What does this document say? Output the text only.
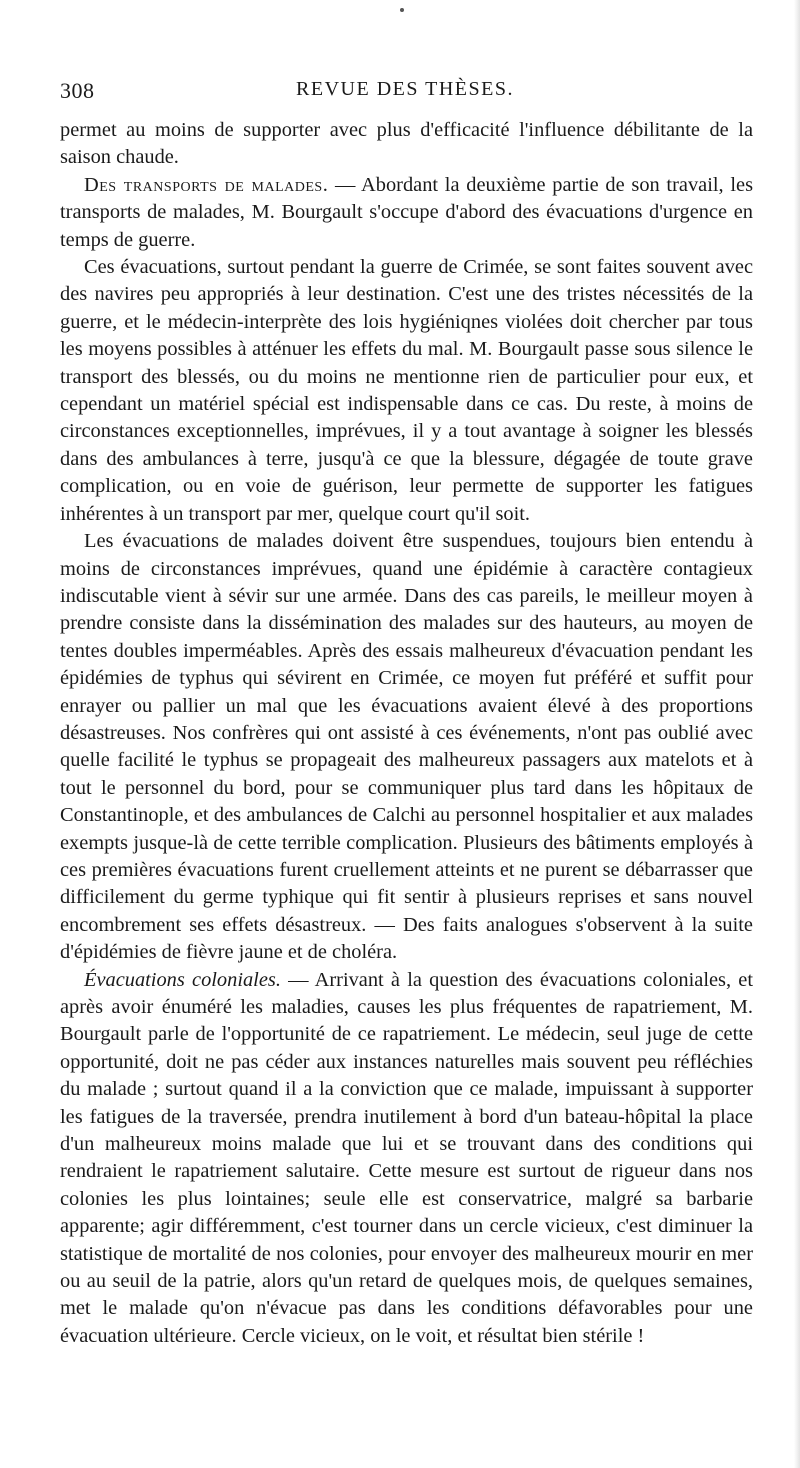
308	REVUE DES THÈSES.

permet au moins de supporter avec plus d'efficacité l'influence débilitante de la saison chaude.

Des transports de malades. — Abordant la deuxième partie de son travail, les transports de malades, M. Bourgault s'occupe d'abord des évacuations d'urgence en temps de guerre.

Ces évacuations, surtout pendant la guerre de Crimée, se sont faites souvent avec des navires peu appropriés à leur destination. C'est une des tristes nécessités de la guerre, et le médecin-interprète des lois hygiéniqnes violées doit chercher par tous les moyens possibles à atténuer les effets du mal. M. Bourgault passe sous silence le transport des blessés, ou du moins ne mentionne rien de particulier pour eux, et cependant un matériel spécial est indispensable dans ce cas. Du reste, à moins de circonstances exceptionnelles, imprévues, il y a tout avantage à soigner les blessés dans des ambulances à terre, jusqu'à ce que la blessure, dégagée de toute grave complication, ou en voie de guérison, leur permette de supporter les fatigues inhérentes à un transport par mer, quelque court qu'il soit.

Les évacuations de malades doivent être suspendues, toujours bien entendu à moins de circonstances imprévues, quand une épidémie à caractère contagieux indiscutable vient à sévir sur une armée. Dans des cas pareils, le meilleur moyen à prendre consiste dans la dissémination des malades sur des hauteurs, au moyen de tentes doubles imperméables. Après des essais malheureux d'évacuation pendant les épidémies de typhus qui sévirent en Crimée, ce moyen fut préféré et suffit pour enrayer ou pallier un mal que les évacuations avaient élevé à des proportions désastreuses. Nos confrères qui ont assisté à ces événements, n'ont pas oublié avec quelle facilité le typhus se propageait des malheureux passagers aux matelots et à tout le personnel du bord, pour se communiquer plus tard dans les hôpitaux de Constantinople, et des ambulances de Calchi au personnel hospitalier et aux malades exempts jusque-là de cette terrible complication. Plusieurs des bâtiments employés à ces premières évacuations furent cruellement atteints et ne purent se débarrasser que difficilement du germe typhique qui fit sentir à plusieurs reprises et sans nouvel encombrement ses effets désastreux. — Des faits analogues s'observent à la suite d'épidémies de fièvre jaune et de choléra.

Évacuations coloniales. — Arrivant à la question des évacuations coloniales, et après avoir énuméré les maladies, causes les plus fréquentes de rapatriement, M. Bourgault parle de l'opportunité de ce rapatriement. Le médecin, seul juge de cette opportunité, doit ne pas céder aux instances naturelles mais souvent peu réfléchies du malade ; surtout quand il a la conviction que ce malade, impuissant à supporter les fatigues de la traversée, prendra inutilement à bord d'un bateau-hôpital la place d'un malheureux moins malade que lui et se trouvant dans des conditions qui rendraient le rapatriement salutaire. Cette mesure est surtout de rigueur dans nos colonies les plus lointaines; seule elle est conservatrice, malgré sa barbarie apparente; agir différemment, c'est tourner dans un cercle vicieux, c'est diminuer la statistique de mortalité de nos colonies, pour envoyer des malheureux mourir en mer ou au seuil de la patrie, alors qu'un retard de quelques mois, de quelques semaines, met le malade qu'on n'évacue pas dans les conditions défavorables pour une évacuation ultérieure. Cercle vicieux, on le voit, et résultat bien stérile !
